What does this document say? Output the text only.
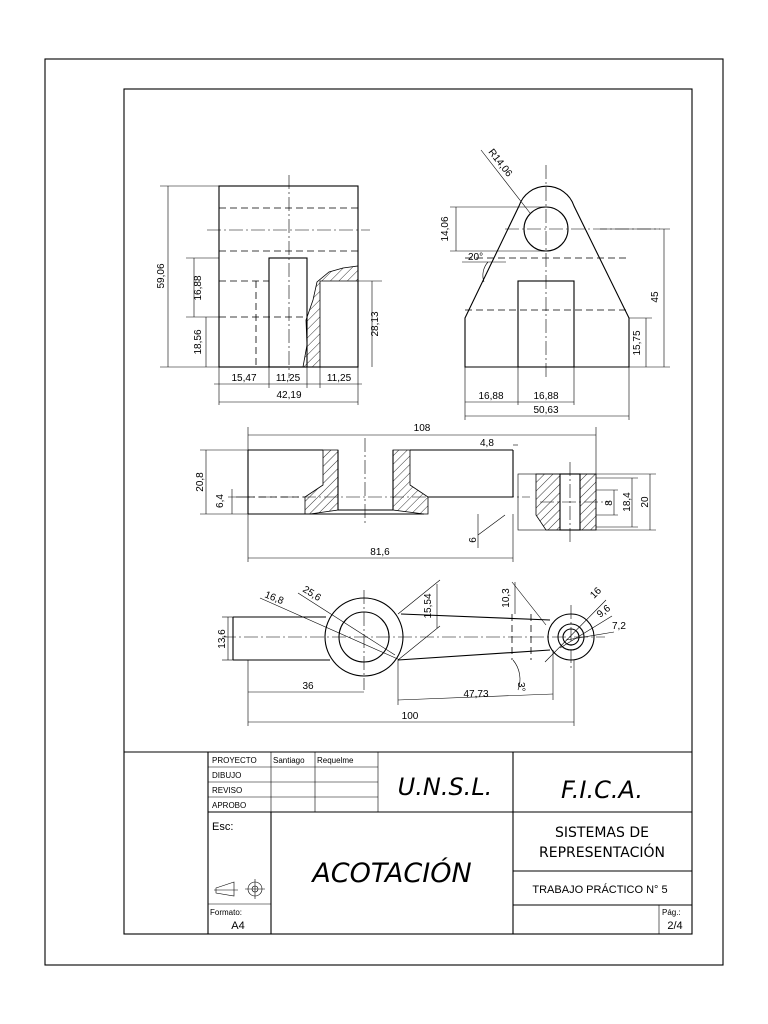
59,06	16,88
18,56
28,13
15,47 11,25	11,25
42,19
R14,06
14,06
20°
45
15,75
16,88	16,88
50,63
108
4,8
20,8
6,4
81,6
6
8 18,4 20
16,8 25,6	15,54	10,3	16
9,6
7,2
13,6
36
47,73
3°
100
PROYECTO Santiago Requelme
DIBUJO
REVISO
APROBO
U.N.S.L.	F.I.C.A.
Esc:
ACOTACIÓN
SISTEMAS DE
REPRESENTACIÓN
TRABAJO PRÁCTICO N° 5
Formato:
A4
Pág.:
2/4
